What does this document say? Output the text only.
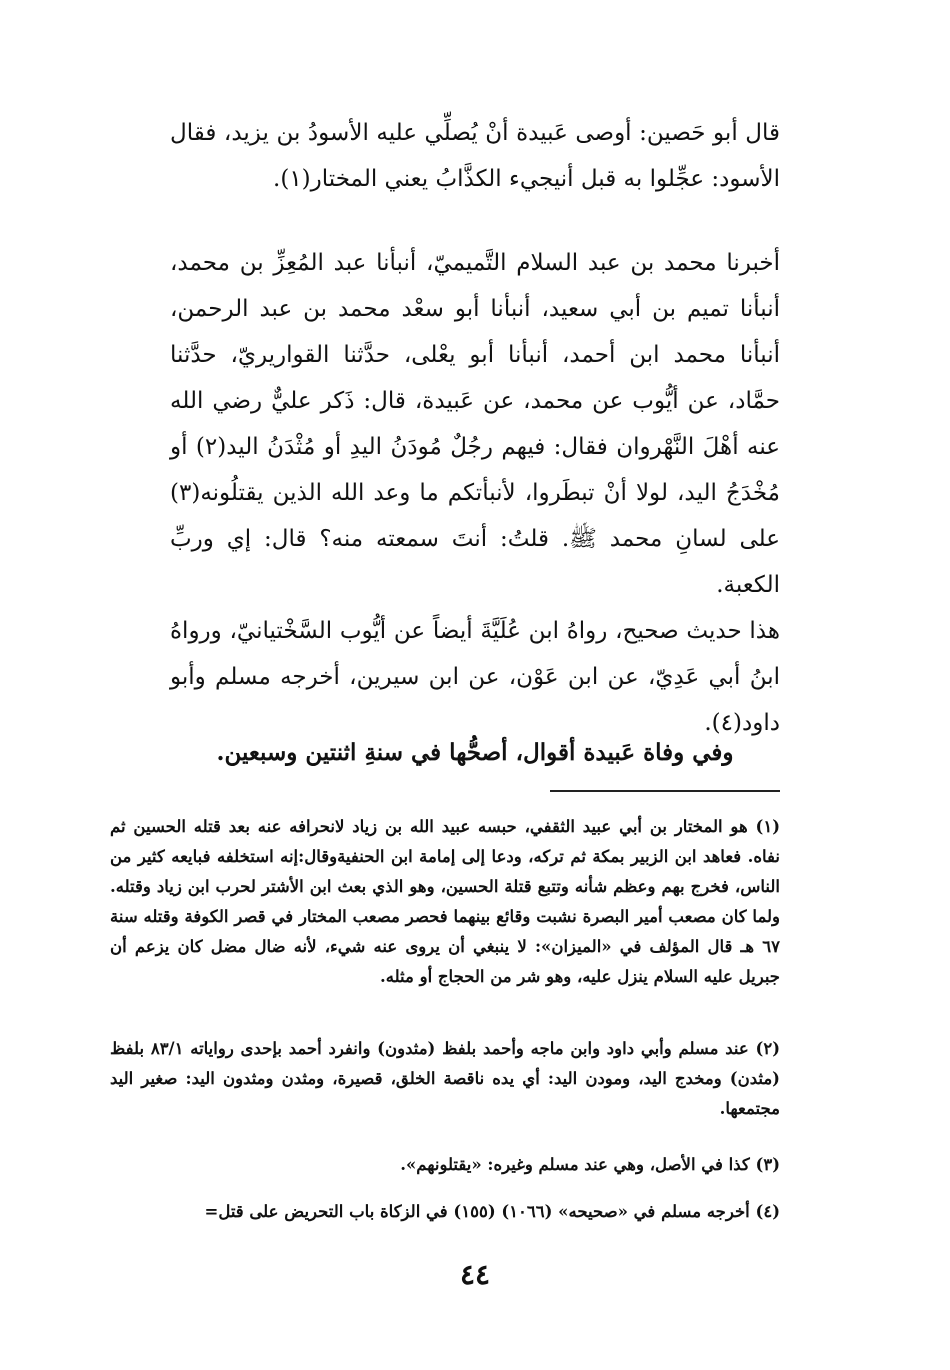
قال أبو حَصين: أوصى عَبيدة أنْ يُصلِّي عليه الأسودُ بن يزيد، فقال الأسود: عجِّلوا به قبل أنيجيء الكذَّابُ يعني المختار(١).

أخبرنا محمد بن عبد السلام التَّميميّ، أنبأنا عبد المُعِزِّ بن محمد، أنبأنا تميم بن أبي سعيد، أنبأنا أبو سعْد محمد بن عبد الرحمن، أنبأنا محمد ابن أحمد، أنبأنا أبو يعْلى، حدَّثنا القواريريّ، حدَّثنا حمَّاد، عن أيُّوب عن محمد، عن عَبيدة، قال: ذَكر عليٌّ رضي الله عنه أهْلَ النَّهْروان فقال: فيهم رجُلٌ مُودَنُ اليدِ أو مُثْدَنُ اليد(٢) أو مُخْدَجُ اليد، لولا أنْ تبطَروا، لأنبأتكم ما وعد الله الذين يقتلُونه(٣) على لسانِ محمد ﷺ. قلتُ: أنتَ سمعته منه؟ قال: إي وربِّ الكعبة.

هذا حديث صحيح، رواهُ ابن عُلَيَّةَ أيضاً عن أيُّوب السَّخْتيانيّ، ورواهُ ابنُ أبي عَدِيّ، عن ابن عَوْن، عن ابن سيرين، أخرجه مسلم وأبو داود(٤).

وفي وفاة عَبيدة أقوال، أصحُّها في سنةِ اثنتين وسبعين.

(١) هو المختار بن أبي عبيد الثقفي، حبسه عبيد الله بن زياد لانحرافه عنه بعد قتله الحسين ثم نفاه. فعاهد ابن الزبير بمكة ثم تركه، ودعا إلى إمامة ابن الحنفيةوقال:إنه استخلفه فبايعه كثير من الناس، فخرج بهم وعظم شأنه وتتبع قتلة الحسين، وهو الذي بعث ابن الأشتر لحرب ابن زياد وقتله. ولما كان مصعب أمير البصرة نشبت وقائع بينهما فحصر مصعب المختار في قصر الكوفة وقتله سنة ٦٧ هـ قال المؤلف في «الميزان»: لا ينبغي أن يروى عنه شيء، لأنه ضال مضل كان يزعم أن جبريل عليه السلام ينزل عليه، وهو شر من الحجاج أو مثله.

(٢) عند مسلم وأبي داود وابن ماجه وأحمد بلفظ (مثدون) وانفرد أحمد بإحدى رواياته ٨٣/١ بلفظ (مثدن) ومخدج اليد، ومودن اليد: أي يده ناقصة الخلق، قصيرة، ومثدن ومثدون اليد: صغير اليد مجتمعها.

(٣) كذا في الأصل، وهي عند مسلم وغيره: «يقتلونهم».

(٤) أخرجه مسلم في «صحيحه» (١٠٦٦) (١٥٥) في الزكاة باب التحريض على قتل=

٤٤
